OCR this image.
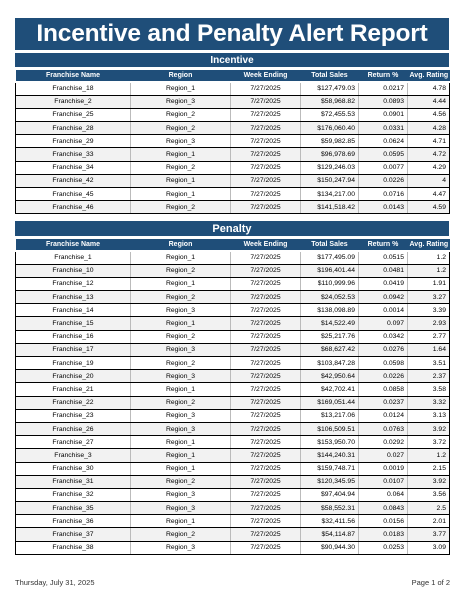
Incentive and Penalty Alert Report
Incentive
Franchise Name	Region	Week Ending	Total Sales	Return %	Avg. Rating
Franchise_18	Region_1	7/27/2025	$127,479.03	0.0217	4.78
Franchise_2	Region_3	7/27/2025	$58,968.82	0.0893	4.44
Franchise_25	Region_2	7/27/2025	$72,455.53	0.0901	4.56
Franchise_28	Region_2	7/27/2025	$176,060.40	0.0331	4.28
Franchise_29	Region_3	7/27/2025	$59,982.85	0.0624	4.71
Franchise_33	Region_1	7/27/2025	$96,978.69	0.0595	4.72
Franchise_34	Region_2	7/27/2025	$129,246.03	0.0077	4.29
Franchise_42	Region_1	7/27/2025	$150,247.94	0.0226	4
Franchise_45	Region_1	7/27/2025	$134,217.00	0.0716	4.47
Franchise_46	Region_2	7/27/2025	$141,518.42	0.0143	4.59
Penalty
Franchise Name	Region	Week Ending	Total Sales	Return %	Avg. Rating
Franchise_1	Region_1	7/27/2025	$177,495.09	0.0515	1.2
Franchise_10	Region_2	7/27/2025	$196,401.44	0.0481	1.2
Franchise_12	Region_1	7/27/2025	$110,999.96	0.0419	1.91
Franchise_13	Region_2	7/27/2025	$24,052.53	0.0942	3.27
Franchise_14	Region_3	7/27/2025	$138,098.89	0.0014	3.39
Franchise_15	Region_1	7/27/2025	$14,522.49	0.097	2.93
Franchise_16	Region_2	7/27/2025	$25,217.76	0.0342	2.77
Franchise_17	Region_3	7/27/2025	$68,627.42	0.0276	1.64
Franchise_19	Region_2	7/27/2025	$103,847.28	0.0598	3.51
Franchise_20	Region_3	7/27/2025	$42,950.64	0.0226	2.37
Franchise_21	Region_1	7/27/2025	$42,702.41	0.0858	3.58
Franchise_22	Region_2	7/27/2025	$169,051.44	0.0237	3.32
Franchise_23	Region_3	7/27/2025	$13,217.06	0.0124	3.13
Franchise_26	Region_3	7/27/2025	$106,509.51	0.0763	3.92
Franchise_27	Region_1	7/27/2025	$153,950.70	0.0292	3.72
Franchise_3	Region_1	7/27/2025	$144,240.31	0.027	1.2
Franchise_30	Region_1	7/27/2025	$159,748.71	0.0019	2.15
Franchise_31	Region_2	7/27/2025	$120,345.95	0.0107	3.92
Franchise_32	Region_3	7/27/2025	$97,404.94	0.064	3.56
Franchise_35	Region_3	7/27/2025	$58,552.31	0.0843	2.5
Franchise_36	Region_1	7/27/2025	$32,411.56	0.0156	2.01
Franchise_37	Region_2	7/27/2025	$54,114.87	0.0183	3.77
Franchise_38	Region_3	7/27/2025	$90,944.30	0.0253	3.09
Thursday, July 31, 2025	Page 1 of 2
